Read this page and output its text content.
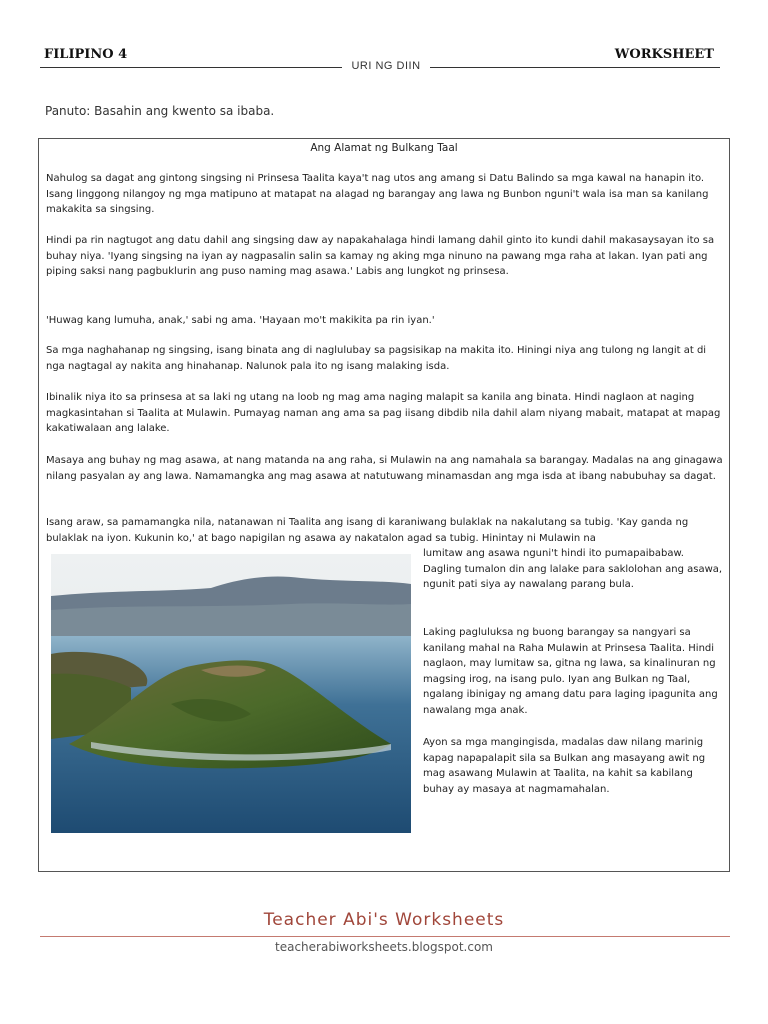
FILIPINO 4	WORKSHEET
URI NG DIIN
Panuto: Basahin ang kwento sa ibaba.
Ang Alamat ng Bulkang Taal

Nahulog sa dagat ang gintong singsing ni Prinsesa Taalita kaya't nag utos ang amang si Datu Balindo sa mga kawal na hanapin ito. Isang linggong nilangoy ng mga matipuno at matapat na alagad ng barangay ang lawa ng Bunbon nguni't wala isa man sa kanilang makakita sa singsing.

Hindi pa rin nagtugot ang datu dahil ang singsing daw ay napakahalaga hindi lamang dahil ginto ito kundi dahil makasaysayan ito sa buhay niya. 'Iyang singsing na iyan ay nagpasalin salin sa kamay ng aking mga ninuno na pawang mga raha at lakan. Iyan pati ang piping saksi nang pagbuklurin ang puso naming mag asawa.' Labis ang lungkot ng prinsesa.

'Huwag kang lumuha, anak,' sabi ng ama. 'Hayaan mo't makikita pa rin iyan.'

Sa mga naghahanap ng singsing, isang binata ang di naglulubay sa pagsisikap na makita ito. Hiningi niya ang tulong ng langit at di nga nagtagal ay nakita ang hinahanap. Nalunok pala ito ng isang malaking isda.

Ibinalik niya ito sa prinsesa at sa laki ng utang na loob ng mag ama naging malapit sa kanila ang binata. Hindi naglaon at naging magkasintahan si Taalita at Mulawin. Pumayag naman ang ama sa pag iisang dibdib nila dahil alam niyang mabait, matapat at mapag kakatiwalaan ang lalake.

Masaya ang buhay ng mag asawa, at nang matanda na ang raha, si Mulawin na ang namahala sa barangay. Madalas na ang ginagawa nilang pasyalan ay ang lawa. Namamangka ang mag asawa at natutuwang minamasdan ang mga isda at ibang nabubuhay sa dagat.

Isang araw, sa pamamangka nila, natanawan ni Taalita ang isang di karaniwang bulaklak na nakalutang sa tubig. 'Kay ganda ng bulaklak na iyon. Kukunin ko,' at bago napigilan ng asawa ay nakatalon agad sa tubig. Hinintay ni Mulawin na

lumitaw ang asawa nguni't hindi ito pumapaibabaw. Dagling tumalon din ang lalake para saklolohan ang asawa, ngunit pati siya ay nawalang parang bula.

Laking pagluluksa ng buong barangay sa nangyari sa kanilang mahal na Raha Mulawin at Prinsesa Taalita. Hindi naglaon, may lumitaw sa, gitna ng lawa, sa kinalinuran ng magsing irog, na isang pulo. Iyan ang Bulkan ng Taal, ngalang ibinigay ng amang datu para laging ipagunita ang nawalang mga anak.

Ayon sa mga mangingisda, madalas daw nilang marinig kapag napapalapit sila sa Bulkan ang masayang awit ng mag asawang Mulawin at Taalita, na kahit sa kabilang buhay ay masaya at nagmamahalan.

Teacher Abi's Worksheets
teacherabiworksheets.blogspot.com
